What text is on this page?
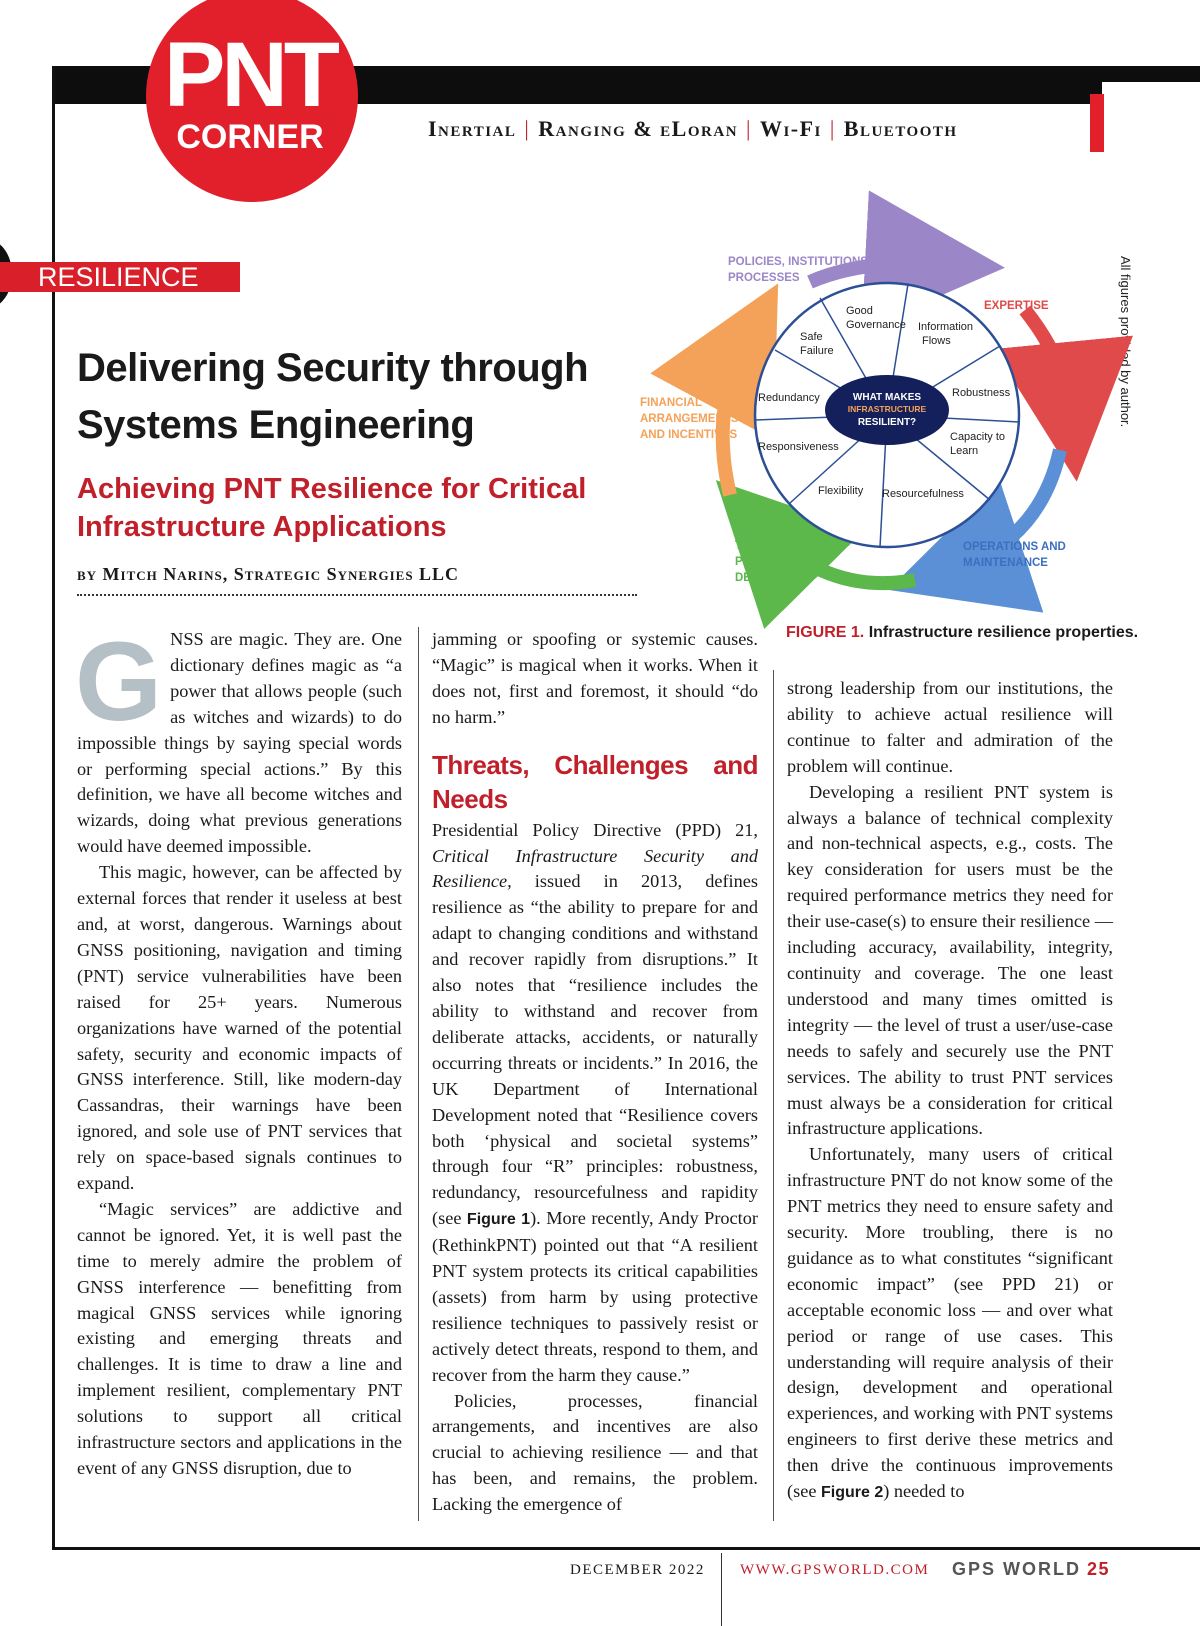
PNT
CORNER	Inertial | Ranging & eLoran | Wi-Fi | Bluetooth
RESILIENCE	All figures provided by author.
Delivering Security through Systems Engineering
Achieving PNT Resilience for Critical Infrastructure Applications
by Mitch Narins, Strategic Synergies LLC
WHAT MAKES
INFRASTRUCTURE
RESILIENT?
Good
Governance Information
Flows
Safe
Failure
Redundancy	Robustness
Responsiveness
Capacity to
Learn
Flexibility Resourcefulness
POLICIES, INSTITUTIONS AND
PROCESSES
EXPERTISE
FINANCIAL
ARRANGEMENTS
AND INCENTIVES
TECHNICAL
PLANNING AND
DESIGN
OPERATIONS AND
MAINTENANCE
FIGURE 1. Infrastructure resilience properties.
G NSS are magic. They are. One dictionary defines magic as “a power that allows people (such as witches and wizards) to do impossible things by saying special words or performing special actions.” By this definition, we have all become witches and wizards, doing what previous generations would have deemed impossible.

This magic, however, can be affected by external forces that render it useless at best and, at worst, dangerous. Warnings about GNSS positioning, navigation and timing (PNT) service vulnerabilities have been raised for 25+ years. Numerous organizations have warned of the potential safety, security and economic impacts of GNSS interference. Still, like modern-day Cassandras, their warnings have been ignored, and sole use of PNT services that rely on space-based signals continues to expand.

“Magic services” are addictive and cannot be ignored. Yet, it is well past the time to merely admire the problem of GNSS interference — benefitting from magical GNSS services while ignoring existing and emerging threats and challenges. It is time to draw a line and implement resilient, complementary PNT solutions to support all critical infrastructure sectors and applications in the event of any GNSS disruption, due to

jamming or spoofing or systemic causes. “Magic” is magical when it works. When it does not, first and foremost, it should “do no harm.”

Threats, Challenges and Needs

Presidential Policy Directive (PPD) 21, Critical Infrastructure Security and Resilience, issued in 2013, defines resilience as “the ability to prepare for and adapt to changing conditions and withstand and recover rapidly from disruptions.” It also notes that “resilience includes the ability to withstand and recover from deliberate attacks, accidents, or naturally occurring threats or incidents.” In 2016, the UK Department of International Development noted that “Resilience covers both ‘physical and societal systems” through four “R” principles: robustness, redundancy, resourcefulness and rapidity (see Figure 1). More recently, Andy Proctor (RethinkPNT) pointed out that “A resilient PNT system protects its critical capabilities (assets) from harm by using protective resilience techniques to passively resist or actively detect threats, respond to them, and recover from the harm they cause.”

Policies, processes, financial arrangements, and incentives are also crucial to achieving resilience — and that has been, and remains, the problem. Lacking the emergence of

strong leadership from our institutions, the ability to achieve actual resilience will continue to falter and admiration of the problem will continue.

Developing a resilient PNT system is always a balance of technical complexity and non-technical aspects, e.g., costs. The key consideration for users must be the required performance metrics they need for their use-case(s) to ensure their resilience — including accuracy, availability, integrity, continuity and coverage. The one least understood and many times omitted is integrity — the level of trust a user/use-case needs to safely and securely use the PNT services. The ability to trust PNT services must always be a consideration for critical infrastructure applications.

Unfortunately, many users of critical infrastructure PNT do not know some of the PNT metrics they need to ensure safety and security. More troubling, there is no guidance as to what constitutes “significant economic impact” (see PPD 21) or acceptable economic loss — and over what period or range of use cases. This understanding will require analysis of their design, development and operational experiences, and working with PNT systems engineers to first derive these metrics and then drive the continuous improvements (see Figure 2) needed to

DECEMBER 2022 WWW.GPSWORLD.COM GPS WORLD 25
